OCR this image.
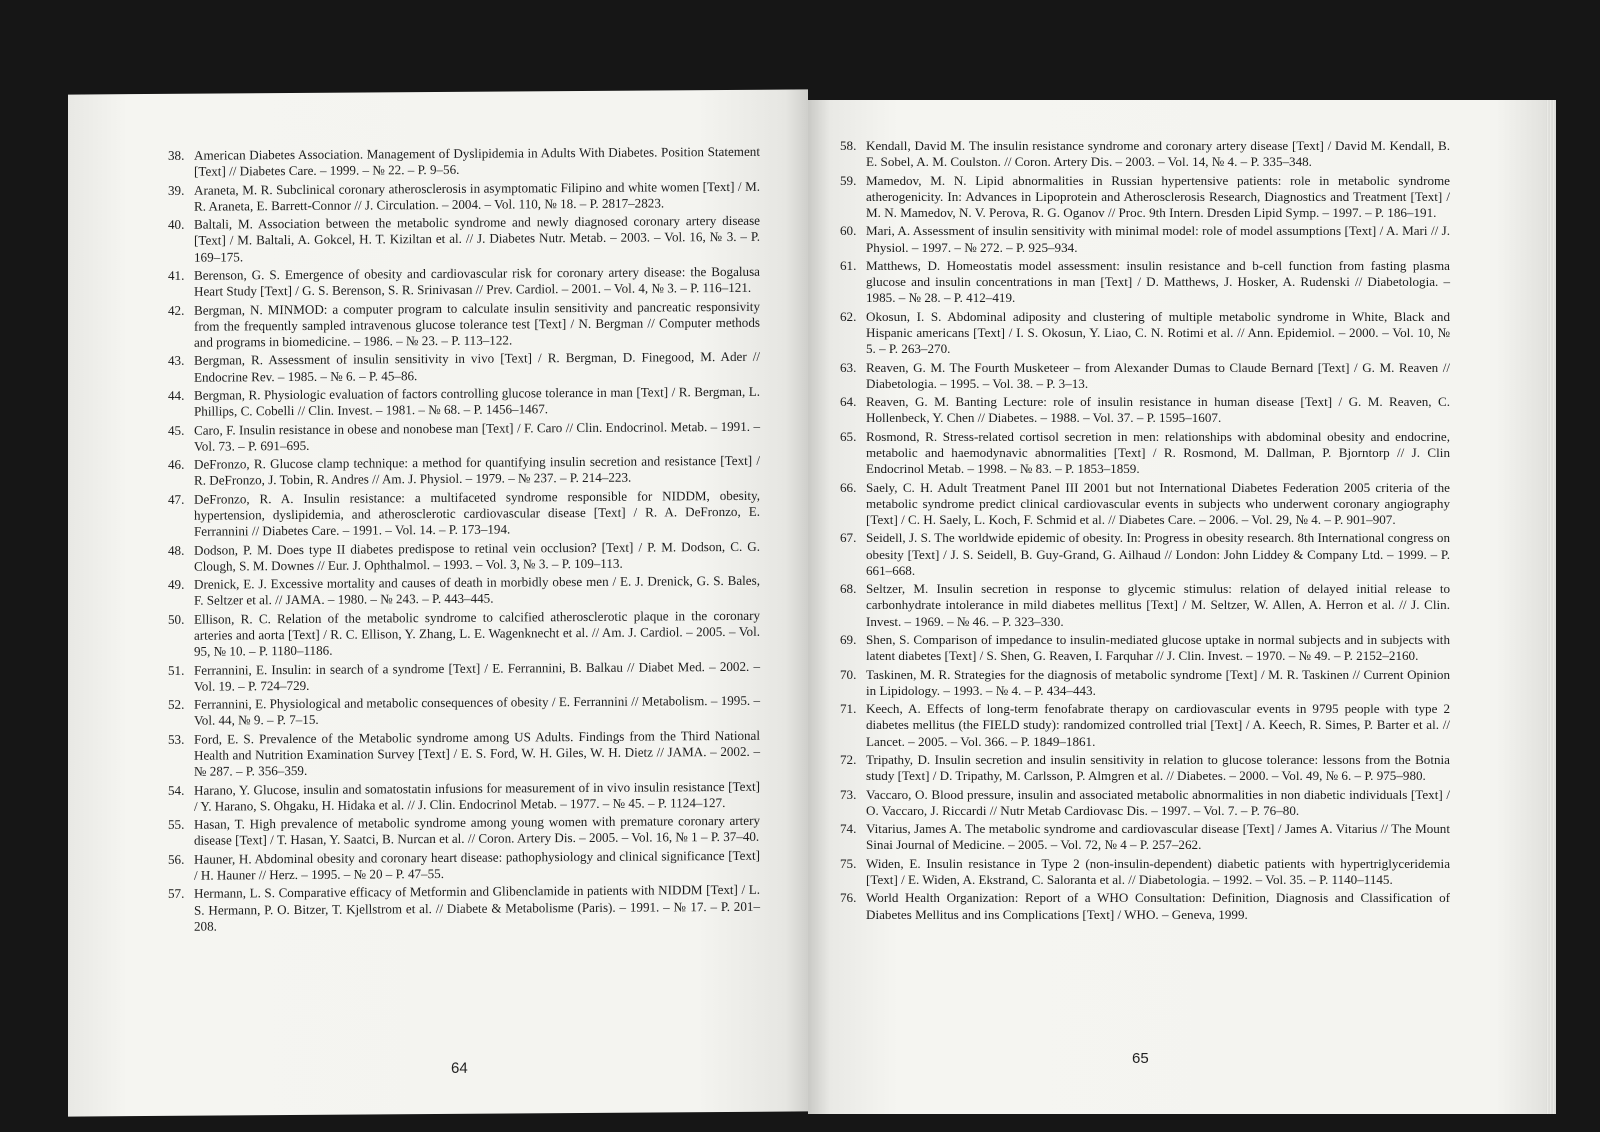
38. American Diabetes Association. Management of Dyslipidemia in Adults With Diabetes. Position Statement [Text] // Diabetes Care. – 1999. – № 22. – P. 9–56.
39. Araneta, M. R. Subclinical coronary atherosclerosis in asymptomatic Filipino and white women [Text] / M. R. Araneta, E. Barrett-Connor // J. Circulation. – 2004. – Vol. 110, № 18. – P. 2817–2823.
40. Baltali, M. Association between the metabolic syndrome and newly diagnosed coronary artery disease [Text] / M. Baltali, A. Gokcel, H. T. Kiziltan et al. // J. Diabetes Nutr. Metab. – 2003. – Vol. 16, № 3. – P. 169–175.
41. Berenson, G. S. Emergence of obesity and cardiovascular risk for coronary artery disease: the Bogalusa Heart Study [Text] / G. S. Berenson, S. R. Srinivasan // Prev. Cardiol. – 2001. – Vol. 4, № 3. – P. 116–121.
42. Bergman, N. MINMOD: a computer program to calculate insulin sensitivity and pancreatic responsivity from the frequently sampled intravenous glucose tolerance test [Text] / N. Bergman // Computer methods and programs in biomedicine. – 1986. – № 23. – P. 113–122.
43. Bergman, R. Assessment of insulin sensitivity in vivo [Text] / R. Bergman, D. Finegood, M. Ader // Endocrine Rev. – 1985. – № 6. – P. 45–86.
44. Bergman, R. Physiologic evaluation of factors controlling glucose tolerance in man [Text] / R. Bergman, L. Phillips, C. Cobelli // Clin. Invest. – 1981. – № 68. – P. 1456–1467.
45. Caro, F. Insulin resistance in obese and nonobese man [Text] / F. Caro // Clin. Endocrinol. Metab. – 1991. – Vol. 73. – P. 691–695.
46. DeFronzo, R. Glucose clamp technique: a method for quantifying insulin secretion and resistance [Text] / R. DeFronzo, J. Tobin, R. Andres // Am. J. Physiol. – 1979. – № 237. – P. 214–223.
47. DeFronzo, R. A. Insulin resistance: a multifaceted syndrome responsible for NIDDM, obesity, hypertension, dyslipidemia, and atherosclerotic cardiovascular disease [Text] / R. A. DeFronzo, E. Ferrannini // Diabetes Care. – 1991. – Vol. 14. – P. 173–194.
48. Dodson, P. M. Does type II diabetes predispose to retinal vein occlusion? [Text] / P. M. Dodson, C. G. Clough, S. M. Downes // Eur. J. Ophthalmol. – 1993. – Vol. 3, № 3. – P. 109–113.
49. Drenick, E. J. Excessive mortality and causes of death in morbidly obese men / E. J. Drenick, G. S. Bales, F. Seltzer et al. // JAMA. – 1980. – № 243. – P. 443–445.
50. Ellison, R. C. Relation of the metabolic syndrome to calcified atherosclerotic plaque in the coronary arteries and aorta [Text] / R. C. Ellison, Y. Zhang, L. E. Wagenknecht et al. // Am. J. Cardiol. – 2005. – Vol. 95, № 10. – P. 1180–1186.
51. Ferrannini, E. Insulin: in search of a syndrome [Text] / E. Ferrannini, B. Balkau // Diabet Med. – 2002. – Vol. 19. – P. 724–729.
52. Ferrannini, E. Physiological and metabolic consequences of obesity / E. Ferrannini // Metabolism. – 1995. – Vol. 44, № 9. – P. 7–15.
53. Ford, E. S. Prevalence of the Metabolic syndrome among US Adults. Findings from the Third National Health and Nutrition Examination Survey [Text] / E. S. Ford, W. H. Giles, W. H. Dietz // JAMA. – 2002. – № 287. – P. 356–359.
54. Harano, Y. Glucose, insulin and somatostatin infusions for measurement of in vivo insulin resistance [Text] / Y. Harano, S. Ohgaku, H. Hidaka et al. // J. Clin. Endocrinol Metab. – 1977. – № 45. – P. 1124–127.
55. Hasan, T. High prevalence of metabolic syndrome among young women with premature coronary artery disease [Text] / T. Hasan, Y. Saatci, B. Nurcan et al. // Coron. Artery Dis. – 2005. – Vol. 16, № 1 – P. 37–40.
56. Hauner, H. Abdominal obesity and coronary heart disease: pathophysiology and clinical significance [Text] / H. Hauner // Herz. – 1995. – № 20 – P. 47–55.
57. Hermann, L. S. Comparative efficacy of Metformin and Glibenclamide in patients with NIDDM [Text] / L. S. Hermann, P. O. Bitzer, T. Kjellstrom et al. // Diabete & Metabolisme (Paris). – 1991. – № 17. – P. 201–208.
64
58. Kendall, David M. The insulin resistance syndrome and coronary artery disease [Text] / David M. Kendall, B. E. Sobel, A. M. Coulston. // Coron. Artery Dis. – 2003. – Vol. 14, № 4. – P. 335–348.
59. Mamedov, M. N. Lipid abnormalities in Russian hypertensive patients: role in metabolic syndrome atherogenicity. In: Advances in Lipoprotein and Atherosclerosis Research, Diagnostics and Treatment [Text] / M. N. Mamedov, N. V. Perova, R. G. Oganov // Proc. 9th Intern. Dresden Lipid Symp. – 1997. – P. 186–191.
60. Mari, A. Assessment of insulin sensitivity with minimal model: role of model assumptions [Text] / A. Mari // J. Physiol. – 1997. – № 272. – P. 925–934.
61. Matthews, D. Homeostatis model assessment: insulin resistance and b-cell function from fasting plasma glucose and insulin concentrations in man [Text] / D. Matthews, J. Hosker, A. Rudenski // Diabetologia. – 1985. – № 28. – P. 412–419.
62. Okosun, I. S. Abdominal adiposity and clustering of multiple metabolic syndrome in White, Black and Hispanic americans [Text] / I. S. Okosun, Y. Liao, C. N. Rotimi et al. // Ann. Epidemiol. – 2000. – Vol. 10, № 5. – P. 263–270.
63. Reaven, G. M. The Fourth Musketeer – from Alexander Dumas to Claude Bernard [Text] / G. M. Reaven // Diabetologia. – 1995. – Vol. 38. – P. 3–13.
64. Reaven, G. M. Banting Lecture: role of insulin resistance in human disease [Text] / G. M. Reaven, C. Hollenbeck, Y. Chen // Diabetes. – 1988. – Vol. 37. – P. 1595–1607.
65. Rosmond, R. Stress-related cortisol secretion in men: relationships with abdominal obesity and endocrine, metabolic and haemodynavic abnormalities [Text] / R. Rosmond, M. Dallman, P. Bjorntorp // J. Clin Endocrinol Metab. – 1998. – № 83. – P. 1853–1859.
66. Saely, C. H. Adult Treatment Panel III 2001 but not International Diabetes Federation 2005 criteria of the metabolic syndrome predict clinical cardiovascular events in subjects who underwent coronary angiography [Text] / C. H. Saely, L. Koch, F. Schmid et al. // Diabetes Care. – 2006. – Vol. 29, № 4. – P. 901–907.
67. Seidell, J. S. The worldwide epidemic of obesity. In: Progress in obesity research. 8th International congress on obesity [Text] / J. S. Seidell, B. Guy-Grand, G. Ailhaud // London: John Liddey & Company Ltd. – 1999. – P. 661–668.
68. Seltzer, M. Insulin secretion in response to glycemic stimulus: relation of delayed initial release to carbonhydrate intolerance in mild diabetes mellitus [Text] / M. Seltzer, W. Allen, A. Herron et al. // J. Clin. Invest. – 1969. – № 46. – P. 323–330.
69. Shen, S. Comparison of impedance to insulin-mediated glucose uptake in normal subjects and in subjects with latent diabetes [Text] / S. Shen, G. Reaven, I. Farquhar // J. Clin. Invest. – 1970. – № 49. – P. 2152–2160.
70. Taskinen, M. R. Strategies for the diagnosis of metabolic syndrome [Text] / M. R. Taskinen // Current Opinion in Lipidology. – 1993. – № 4. – P. 434–443.
71. Keech, A. Effects of long-term fenofabrate therapy on cardiovascular events in 9795 people with type 2 diabetes mellitus (the FIELD study): randomized controlled trial [Text] / A. Keech, R. Simes, P. Barter et al. // Lancet. – 2005. – Vol. 366. – P. 1849–1861.
72. Tripathy, D. Insulin secretion and insulin sensitivity in relation to glucose tolerance: lessons from the Botnia study [Text] / D. Tripathy, M. Carlsson, P. Almgren et al. // Diabetes. – 2000. – Vol. 49, № 6. – P. 975–980.
73. Vaccaro, O. Blood pressure, insulin and associated metabolic abnormalities in non diabetic individuals [Text] / O. Vaccaro, J. Riccardi // Nutr Metab Cardiovasc Dis. – 1997. – Vol. 7. – P. 76–80.
74. Vitarius, James A. The metabolic syndrome and cardiovascular disease [Text] / James A. Vitarius // The Mount Sinai Journal of Medicine. – 2005. – Vol. 72, № 4 – P. 257–262.
75. Widen, E. Insulin resistance in Type 2 (non-insulin-dependent) diabetic patients with hypertriglyceridemia [Text] / E. Widen, A. Ekstrand, C. Saloranta et al. // Diabetologia. – 1992. – Vol. 35. – P. 1140–1145.
76. World Health Organization: Report of a WHO Consultation: Definition, Diagnosis and Classification of Diabetes Mellitus and ins Complications [Text] / WHO. – Geneva, 1999.
65
